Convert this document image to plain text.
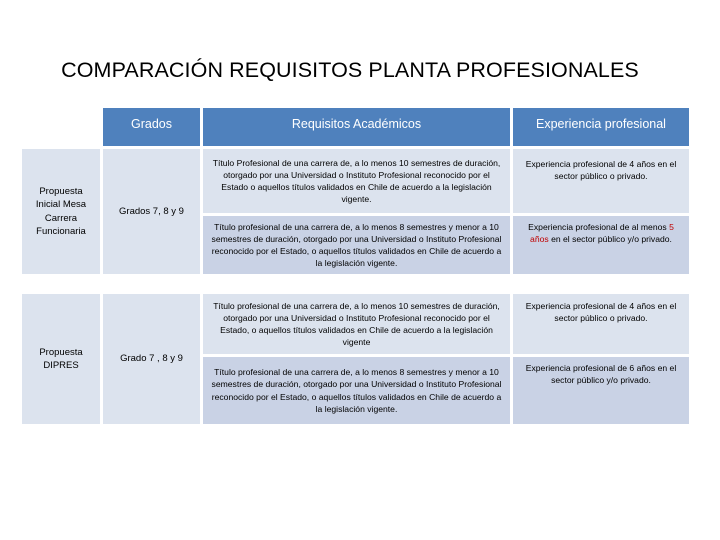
COMPARACIÓN REQUISITOS PLANTA PROFESIONALES
Grados	Requisitos Académicos	Experiencia profesional
Propuesta Inicial Mesa Carrera Funcionaria
Grados 7, 8 y 9
Título Profesional de una carrera de, a lo menos 10 semestres de duración, otorgado por una Universidad o Instituto Profesional reconocido por el Estado o aquellos títulos validados en Chile de acuerdo a la legislación vigente.
Experiencia profesional de 4 años en el sector público o privado.
Título profesional de una carrera de, a lo menos 8 semestres y menor a 10 semestres de duración, otorgado por una Universidad o Instituto Profesional reconocido por el Estado, o aquellos títulos validados en Chile de acuerdo a la legislación vigente.
Experiencia profesional de al menos 5 años en el sector público y/o privado.
Propuesta DIPRES
Grado 7 , 8 y 9
Título profesional de una carrera de, a lo menos 10 semestres de duración, otorgado por una Universidad o Instituto Profesional reconocido por el Estado, o aquellos títulos validados en Chile de acuerdo a la legislación vigente
Experiencia profesional de 4 años en el sector público o privado.
Título profesional de una carrera de, a lo menos 8 semestres y menor a 10 semestres de duración, otorgado por una Universidad o Instituto Profesional reconocido por el Estado, o aquellos títulos validados en Chile de acuerdo a la legislación vigente.
Experiencia profesional de 6 años en el sector público y/o privado.
